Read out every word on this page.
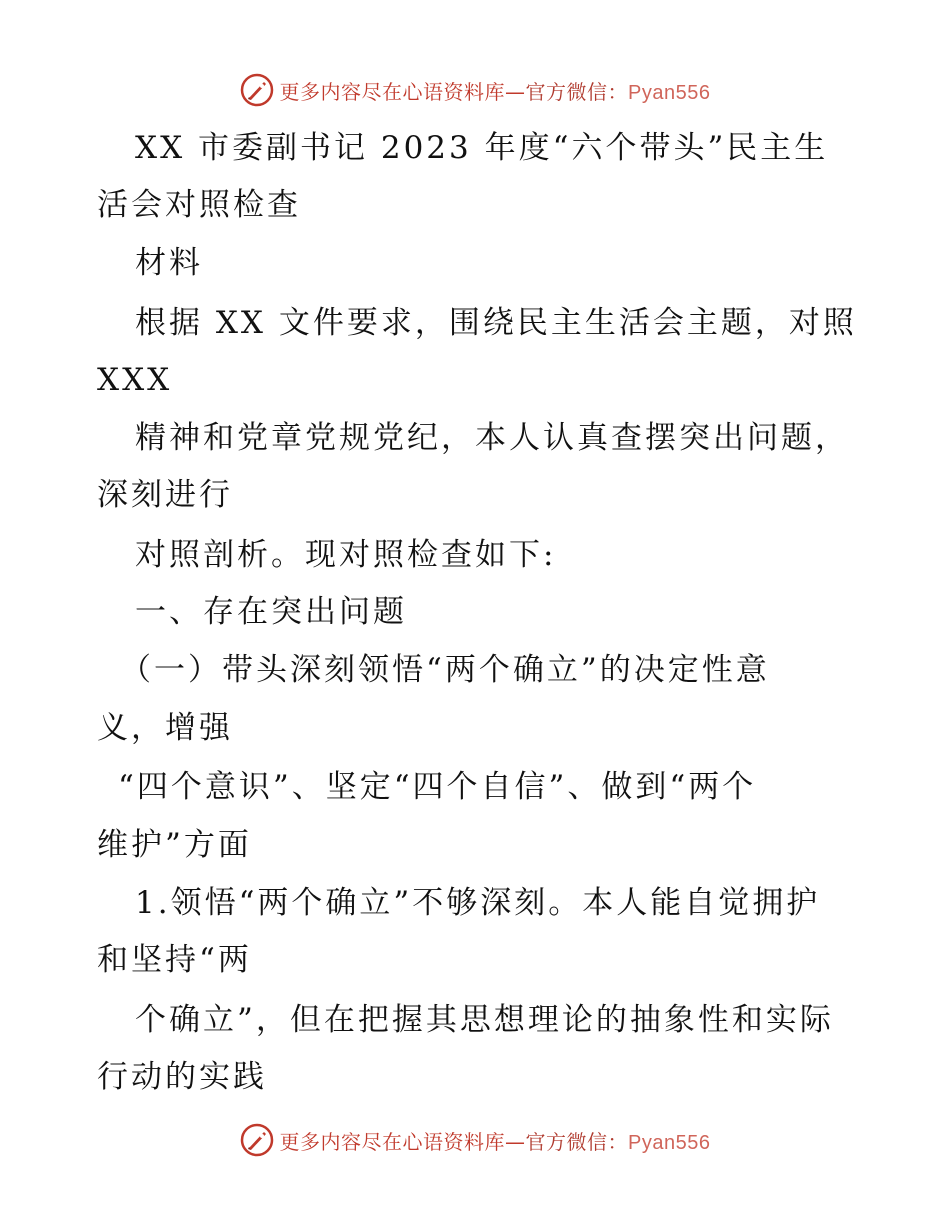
更多内容尽在心语资料库—官方微信：Pyan556
XX 市委副书记 2023 年度“六个带头”民主生
活会对照检查
材料
根据 XX 文件要求，围绕民主生活会主题，对照
XXX
精神和党章党规党纪，本人认真查摆突出问题，
深刻进行
对照剖析。现对照检查如下:
一、存在突出问题
（一）带头深刻领悟“两个确立”的决定性意
义，增强
“四个意识”、坚定“四个自信”、做到“两个
维护”方面
1.领悟“两个确立”不够深刻。本人能自觉拥护
和坚持“两
个确立”，但在把握其思想理论的抽象性和实际
行动的实践
更多内容尽在心语资料库—官方微信：Pyan556
